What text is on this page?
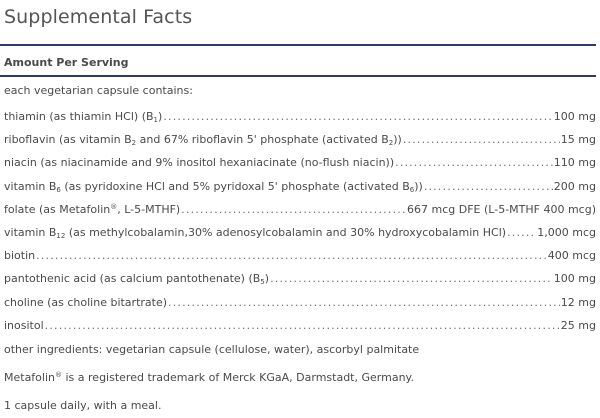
Supplemental Facts
Amount Per Serving
each vegetarian capsule contains:
thiamin (as thiamin HCl) $(B_1)$ .....	100 mg
riboflavin (as vitamin $B_2$ and 67% riboflavin 5' phosphate (activated $B_2$)) .....	15 mg
niacin (as niacinamide and 9% inositol hexaniacinate (no-flush niacin)) .....	110 mg
vitamin $B_6$ (as pyridoxine HCl and 5% pyridoxal 5' phosphate (activated $B_6$)) .....	200 mg
folate (as Metafolin®, L-5-MTHF) .....	667 mcg DFE (L-5-MTHF 400 mcg)
vitamin $B_{12}$ (as methylcobalamin,30% adenosylcobalamin and 30% hydroxycobalamin HCl) .....	1,000 mcg
biotin .....	400 mcg
pantothenic acid (as calcium pantothenate) $(B_5)$ .....	100 mg
choline (as choline bitartrate) .....	12 mg
inositol .....	25 mg
other ingredients: vegetarian capsule (cellulose, water), ascorbyl palmitate
Metafolin® is a registered trademark of Merck KGaA, Darmstadt, Germany.
1 capsule daily, with a meal.
